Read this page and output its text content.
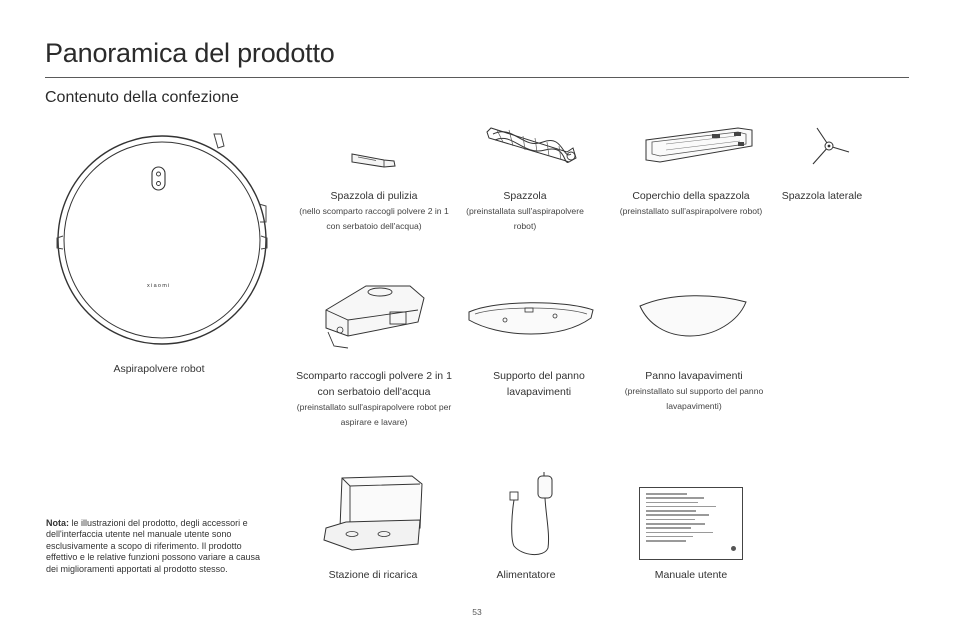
Panoramica del prodotto
Contenuto della confezione
xiaomi
Aspirapolvere robot
Spazzola di pulizia
(nello scomparto raccogli polvere 2 in 1 con serbatoio dell'acqua)
Spazzola
(preinstallata sull'aspirapolvere robot)
Coperchio della spazzola
(preinstallato sull'aspirapolvere robot)
Spazzola laterale
Scomparto raccogli polvere 2 in 1 con serbatoio dell'acqua
(preinstallato sull'aspirapolvere robot per aspirare e lavare)
Supporto del panno lavapavimenti
Panno lavapavimenti
(preinstallato sul supporto del panno lavapavimenti)
Stazione di ricarica	Alimentatore	Manuale utente
Nota: le illustrazioni del prodotto, degli accessori e dell'interfaccia utente nel manuale utente sono esclusivamente a scopo di riferimento. Il prodotto effettivo e le relative funzioni possono variare a causa dei miglioramenti apportati al prodotto stesso.
53
